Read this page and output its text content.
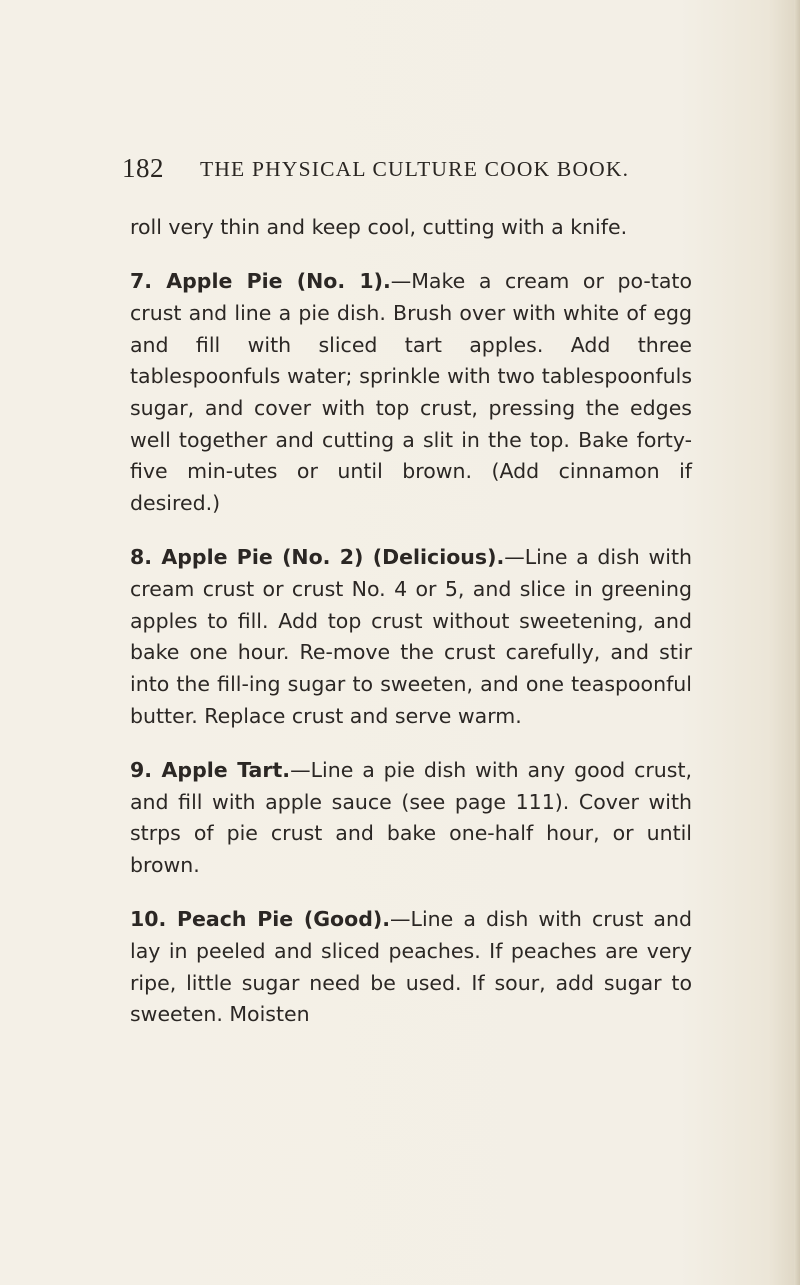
182 THE PHYSICAL CULTURE COOK BOOK.

roll very thin and keep cool, cutting with a knife.

7. Apple Pie (No. 1).—Make a cream or po-tato crust and line a pie dish. Brush over with white of egg and fill with sliced tart apples. Add three tablespoonfuls water; sprinkle with two tablespoonfuls sugar, and cover with top crust, pressing the edges well together and cutting a slit in the top. Bake forty-five min-utes or until brown. (Add cinnamon if desired.)

8. Apple Pie (No. 2) (Delicious).—Line a dish with cream crust or crust No. 4 or 5, and slice in greening apples to fill. Add top crust without sweetening, and bake one hour. Re-move the crust carefully, and stir into the fill-ing sugar to sweeten, and one teaspoonful butter. Replace crust and serve warm.

9. Apple Tart.—Line a pie dish with any good crust, and fill with apple sauce (see page 111). Cover with strps of pie crust and bake one-half hour, or until brown.

10. Peach Pie (Good).—Line a dish with crust and lay in peeled and sliced peaches. If peaches are very ripe, little sugar need be used. If sour, add sugar to sweeten. Moisten
